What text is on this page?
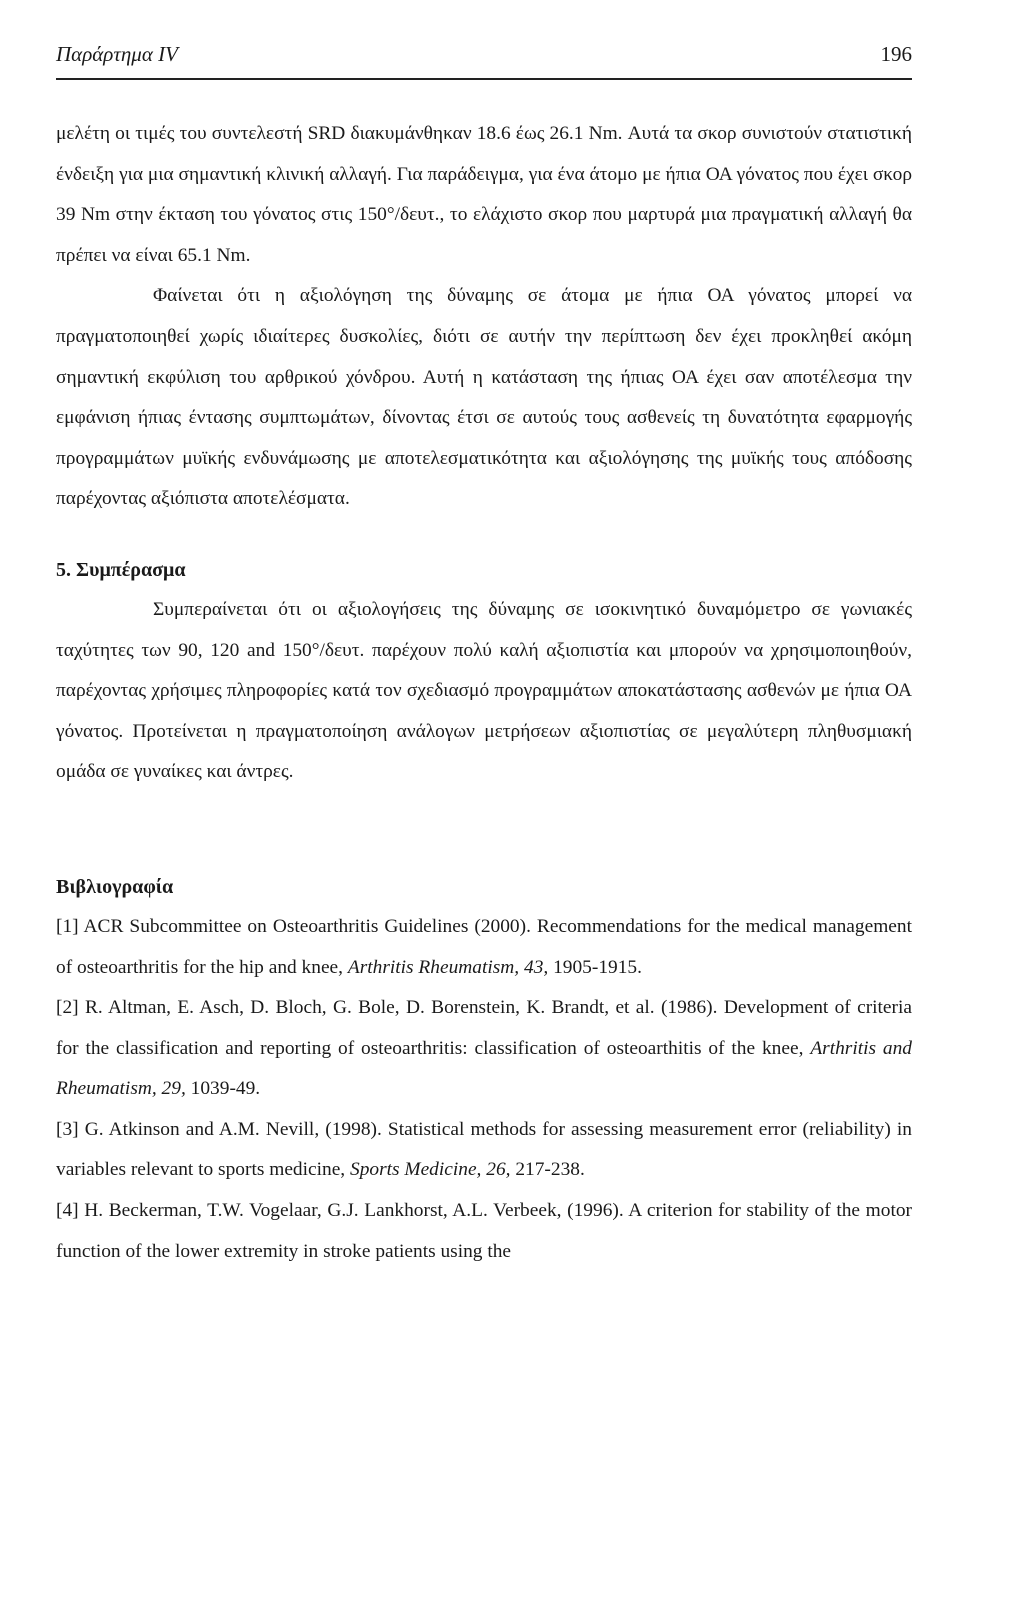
Παράρτημα IV	196

μελέτη οι τιμές του συντελεστή SRD διακυμάνθηκαν 18.6 έως 26.1 Nm. Αυτά τα σκορ συνιστούν στατιστική ένδειξη για μια σημαντική κλινική αλλαγή. Για παράδειγμα, για ένα άτομο με ήπια ΟΑ γόνατος που έχει σκορ 39 Nm στην έκταση του γόνατος στις 150°/δευτ., το ελάχιστο σκορ που μαρτυρά μια πραγματική αλλαγή θα πρέπει να είναι 65.1 Nm.

Φαίνεται ότι η αξιολόγηση της δύναμης σε άτομα με ήπια ΟΑ γόνατος μπορεί να πραγματοποιηθεί χωρίς ιδιαίτερες δυσκολίες, διότι σε αυτήν την περίπτωση δεν έχει προκληθεί ακόμη σημαντική εκφύλιση του αρθρικού χόνδρου. Αυτή η κατάσταση της ήπιας ΟΑ έχει σαν αποτέλεσμα την εμφάνιση ήπιας έντασης συμπτωμάτων, δίνοντας έτσι σε αυτούς τους ασθενείς τη δυνατότητα εφαρμογής προγραμμάτων μυϊκής ενδυνάμωσης με αποτελεσματικότητα και αξιολόγησης της μυϊκής τους απόδοσης παρέχοντας αξιόπιστα αποτελέσματα.

5. Συμπέρασμα

Συμπεραίνεται ότι οι αξιολογήσεις της δύναμης σε ισοκινητικό δυναμόμετρο σε γωνιακές ταχύτητες των 90, 120 and 150°/δευτ. παρέχουν πολύ καλή αξιοπιστία και μπορούν να χρησιμοποιηθούν, παρέχοντας χρήσιμες πληροφορίες κατά τον σχεδιασμό προγραμμάτων αποκατάστασης ασθενών με ήπια ΟΑ γόνατος. Προτείνεται η πραγματοποίηση ανάλογων μετρήσεων αξιοπιστίας σε μεγαλύτερη πληθυσμιακή ομάδα σε γυναίκες και άντρες.

Βιβλιογραφία

[1] ACR Subcommittee on Osteoarthritis Guidelines (2000). Recommendations for the medical management of osteoarthritis for the hip and knee, Arthritis Rheumatism, 43, 1905-1915.

[2] R. Altman, E. Asch, D. Bloch, G. Bole, D. Borenstein, K. Brandt, et al. (1986). Development of criteria for the classification and reporting of osteoarthritis: classification of osteoarthitis of the knee, Arthritis and Rheumatism, 29, 1039-49.

[3] G. Atkinson and A.M. Nevill, (1998). Statistical methods for assessing measurement error (reliability) in variables relevant to sports medicine, Sports Medicine, 26, 217-238.

[4] H. Beckerman, T.W. Vogelaar, G.J. Lankhorst, A.L. Verbeek, (1996). A criterion for stability of the motor function of the lower extremity in stroke patients using the
